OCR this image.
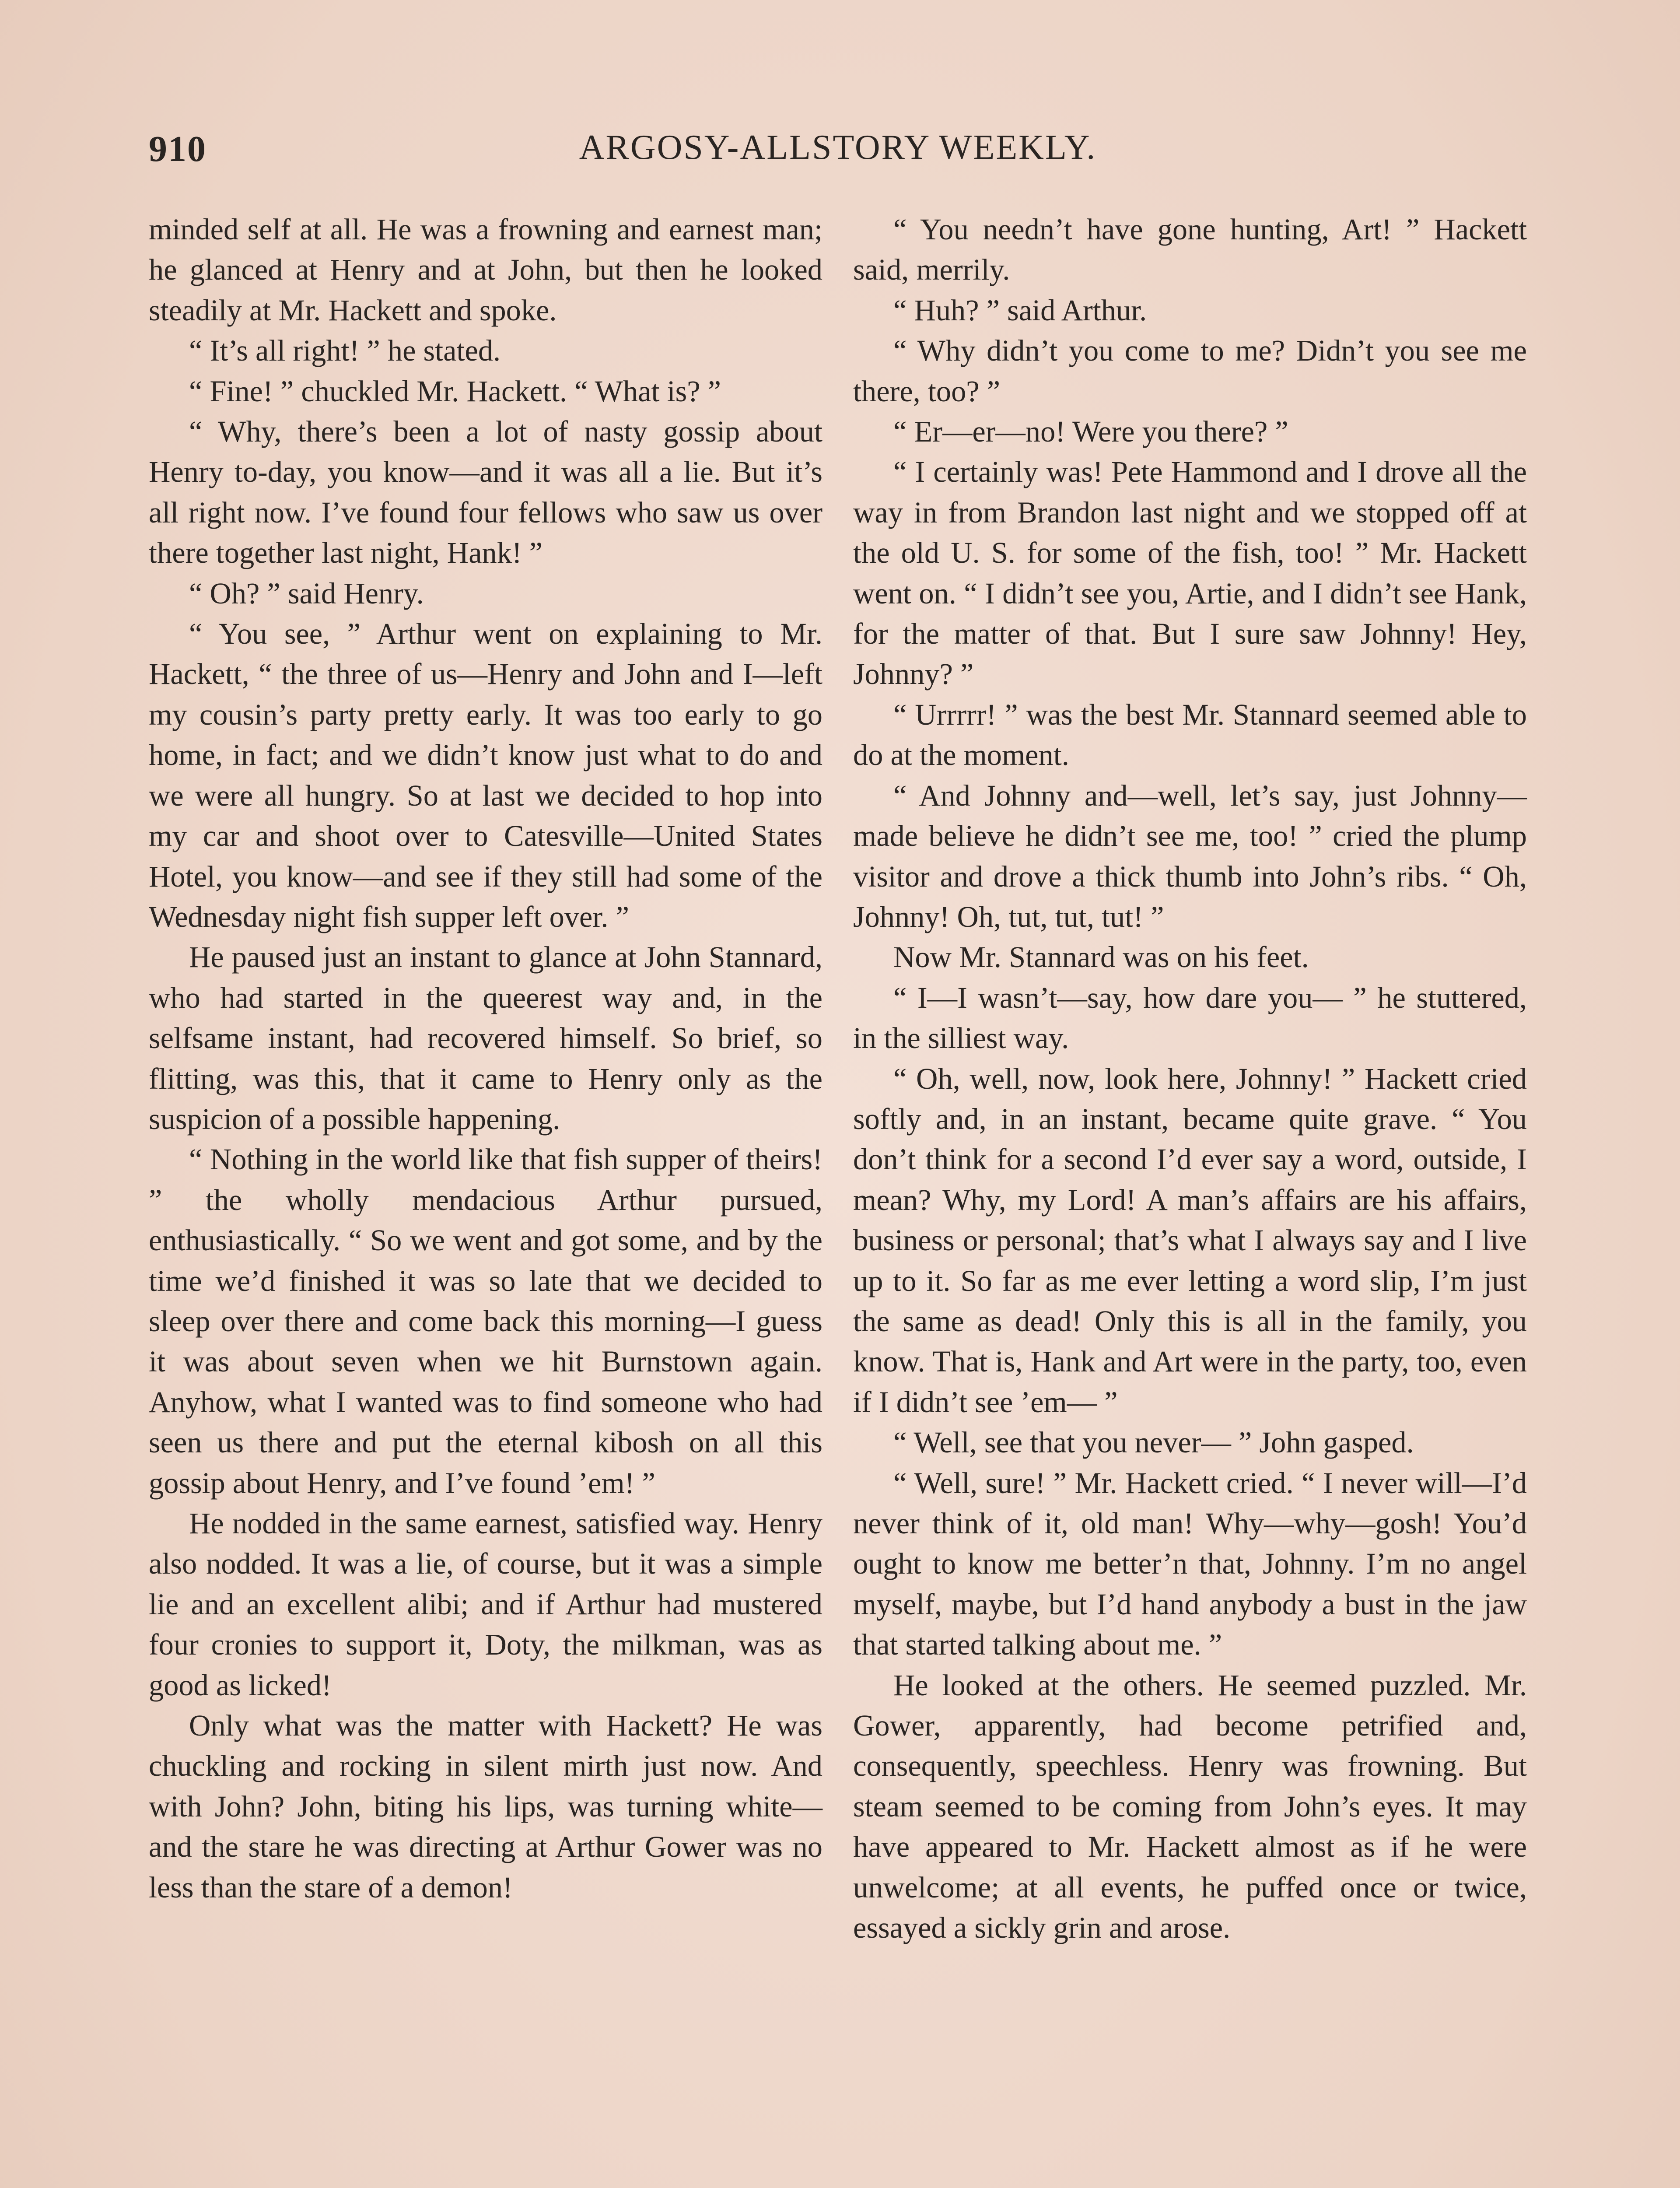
ARGOSY-ALLSTORY WEEKLY.
910

minded self at all. He was a frowning and earnest man; he glanced at Henry and at John, but then he looked steadily at Mr. Hackett and spoke.

“ It’s all right! ” he stated.

“ Fine! ” chuckled Mr. Hackett. “ What is? ”

“ Why, there’s been a lot of nasty gossip about Henry to-day, you know—and it was all a lie. But it’s all right now. I’ve found four fellows who saw us over there together last night, Hank! ”

“ Oh? ” said Henry.

“ You see, ” Arthur went on explaining to Mr. Hackett, “ the three of us—Henry and John and I—left my cousin’s party pretty early. It was too early to go home, in fact; and we didn’t know just what to do and we were all hungry. So at last we decided to hop into my car and shoot over to Catesville—United States Hotel, you know—and see if they still had some of the Wednesday night fish supper left over. ”

He paused just an instant to glance at John Stannard, who had started in the queerest way and, in the selfsame instant, had recovered himself. So brief, so flitting, was this, that it came to Henry only as the suspicion of a possible happening.

“ Nothing in the world like that fish supper of theirs! ” the wholly mendacious Arthur pursued, enthusiastically. “ So we went and got some, and by the time we’d finished it was so late that we decided to sleep over there and come back this morning—I guess it was about seven when we hit Burnstown again. Anyhow, what I wanted was to find someone who had seen us there and put the eternal kibosh on all this gossip about Henry, and I’ve found ’em! ”

He nodded in the same earnest, satisfied way. Henry also nodded. It was a lie, of course, but it was a simple lie and an excellent alibi; and if Arthur had mustered four cronies to support it, Doty, the milkman, was as good as licked!

Only what was the matter with Hackett? He was chuckling and rocking in silent mirth just now. And with John? John, biting his lips, was turning white—and the stare he was directing at Arthur Gower was no less than the stare of a demon!

“ You needn’t have gone hunting, Art! ” Hackett said, merrily.

“ Huh? ” said Arthur.

“ Why didn’t you come to me? Didn’t you see me there, too? ”

“ Er—er—no! Were you there? ”

“ I certainly was! Pete Hammond and I drove all the way in from Brandon last night and we stopped off at the old U. S. for some of the fish, too! ” Mr. Hackett went on. “ I didn’t see you, Artie, and I didn’t see Hank, for the matter of that. But I sure saw Johnny! Hey, Johnny? ”

“ Urrrrr! ” was the best Mr. Stannard seemed able to do at the moment.

“ And Johnny and—well, let’s say, just Johnny—made believe he didn’t see me, too! ” cried the plump visitor and drove a thick thumb into John’s ribs. “ Oh, Johnny! Oh, tut, tut, tut! ”

Now Mr. Stannard was on his feet.

“ I—I wasn’t—say, how dare you— ” he stuttered, in the silliest way.

“ Oh, well, now, look here, Johnny! ” Hackett cried softly and, in an instant, became quite grave. “ You don’t think for a second I’d ever say a word, outside, I mean? Why, my Lord! A man’s affairs are his affairs, business or personal; that’s what I always say and I live up to it. So far as me ever letting a word slip, I’m just the same as dead! Only this is all in the family, you know. That is, Hank and Art were in the party, too, even if I didn’t see ’em— ”

“ Well, see that you never— ” John gasped.

“ Well, sure! ” Mr. Hackett cried. “ I never will—I’d never think of it, old man! Why—why—gosh! You’d ought to know me better’n that, Johnny. I’m no angel myself, maybe, but I’d hand anybody a bust in the jaw that started talking about me. ”

He looked at the others. He seemed puzzled. Mr. Gower, apparently, had become petrified and, consequently, speechless. Henry was frowning. But steam seemed to be coming from John’s eyes. It may have appeared to Mr. Hackett almost as if he were unwelcome; at all events, he puffed once or twice, essayed a sickly grin and arose.
